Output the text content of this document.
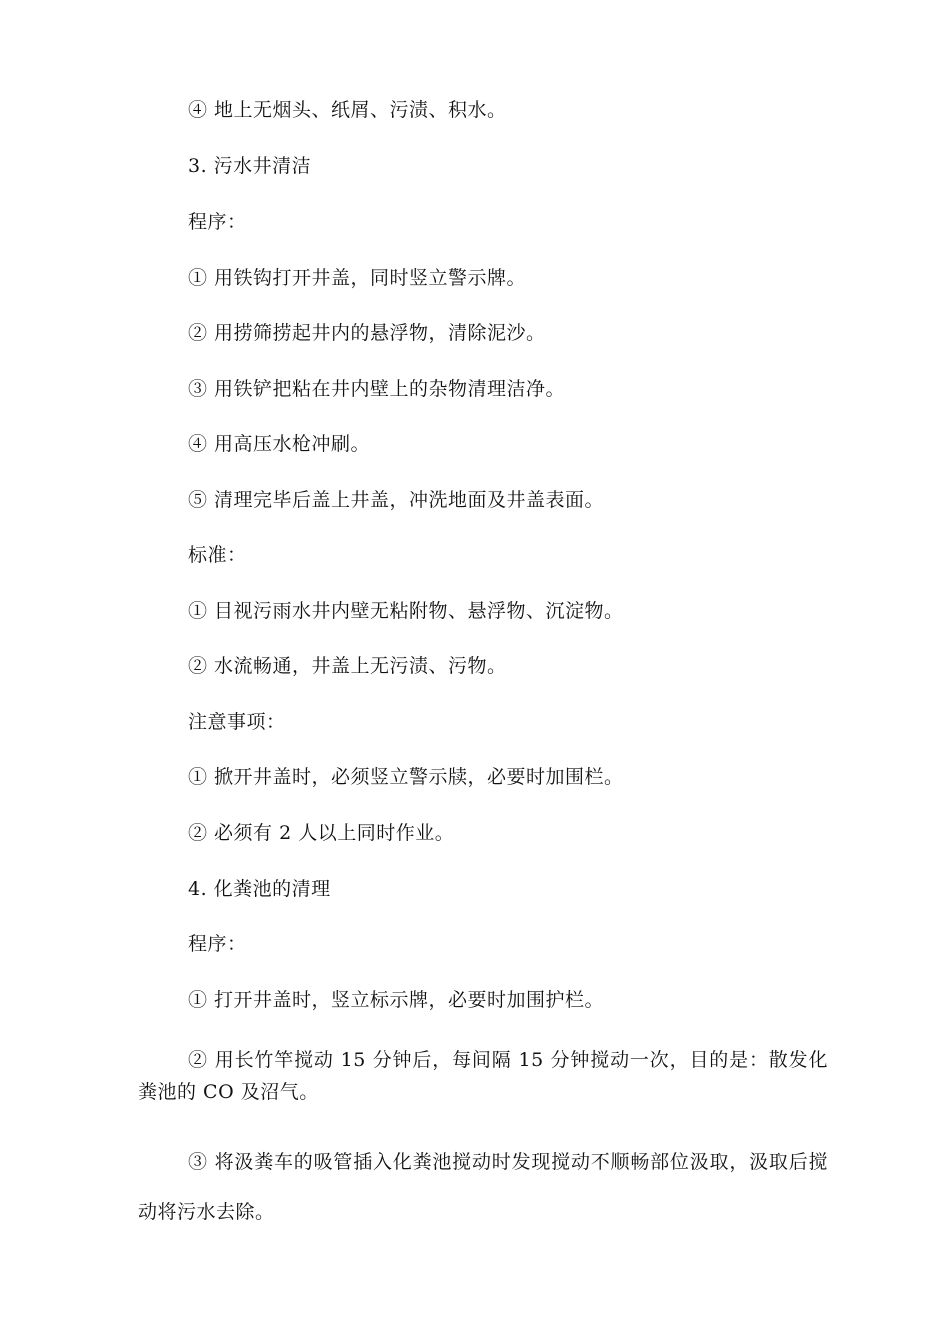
④ 地上无烟头、纸屑、污渍、积水。
3. 污水井清洁
程序：
① 用铁钩打开井盖，同时竖立警示牌。
② 用捞筛捞起井内的悬浮物，清除泥沙。
③ 用铁铲把粘在井内壁上的杂物清理洁净。
④ 用高压水枪冲刷。
⑤ 清理完毕后盖上井盖，冲洗地面及井盖表面。
标准：
① 目视污雨水井内壁无粘附物、悬浮物、沉淀物。
② 水流畅通，井盖上无污渍、污物。
注意事项：
① 掀开井盖时，必须竖立警示牍，必要时加围栏。
② 必须有 2 人以上同时作业。
4. 化粪池的清理
程序：
① 打开井盖时，竖立标示牌，必要时加围护栏。
② 用长竹竿搅动 15 分钟后，每间隔 15 分钟搅动一次，目的是：散发化粪池的 CO 及沼气。
③ 将汲粪车的吸管插入化粪池搅动时发现搅动不顺畅部位汲取，汲取后搅动将污水去除。
